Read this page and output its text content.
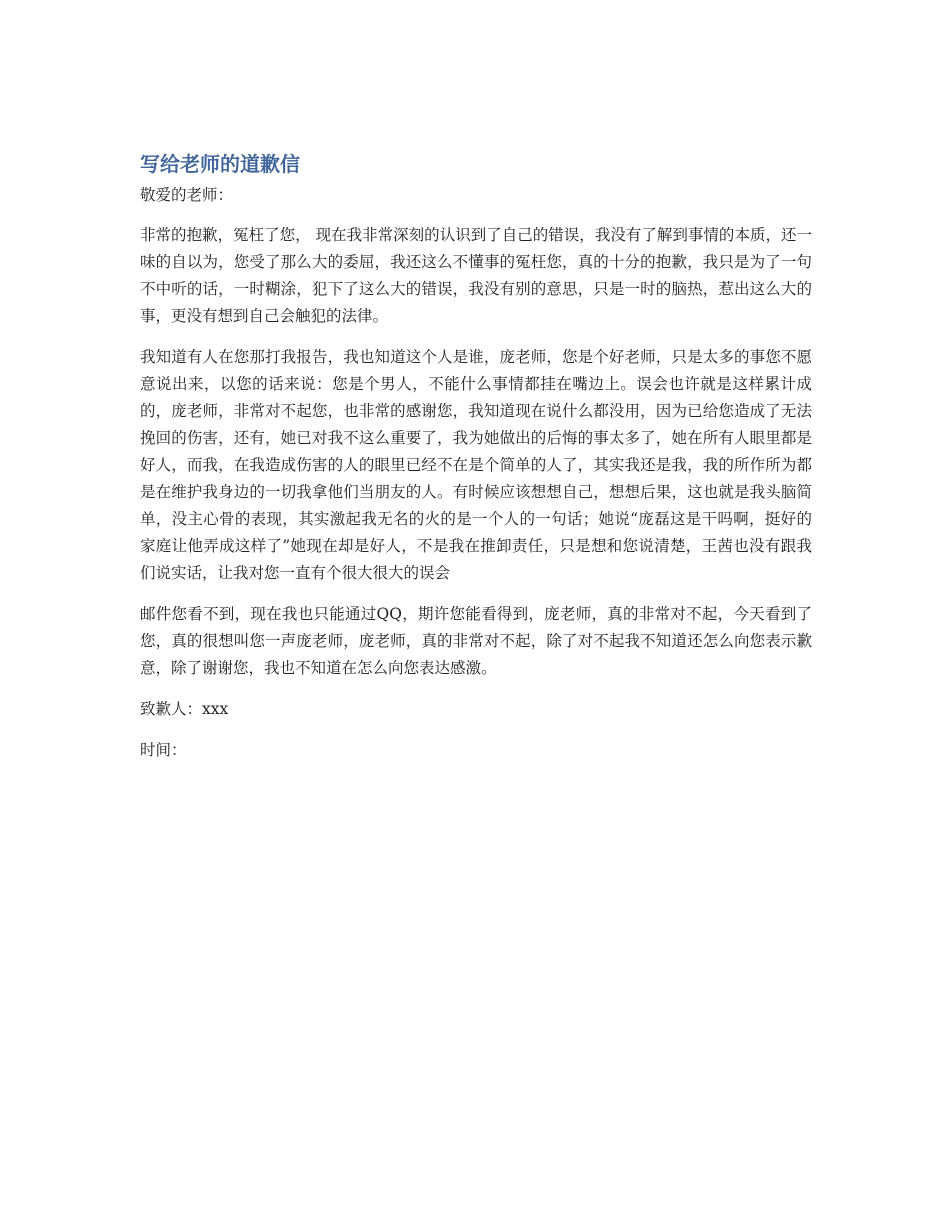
写给老师的道歉信
敬爱的老师：

非常的抱歉，冤枉了您， 现在我非常深刻的认识到了自己的错误，我没有了解到事情的本质，还一味的自以为，您受了那么大的委屈，我还这么不懂事的冤枉您，真的十分的抱歉，我只是为了一句不中听的话，一时糊涂，犯下了这么大的错误，我没有别的意思，只是一时的脑热，惹出这么大的事，更没有想到自己会触犯的法律。

我知道有人在您那打我报告，我也知道这个人是谁，庞老师，您是个好老师，只是太多的事您不愿意说出来，以您的话来说：您是个男人，不能什么事情都挂在嘴边上。误会也许就是这样累计成的，庞老师，非常对不起您，也非常的感谢您，我知道现在说什么都没用，因为已给您造成了无法挽回的伤害，还有，她已对我不这么重要了，我为她做出的后悔的事太多了，她在所有人眼里都是好人，而我，在我造成伤害的人的眼里已经不在是个简单的人了，其实我还是我，我的所作所为都是在维护我身边的一切我拿他们当朋友的人。有时候应该想想自己，想想后果，这也就是我头脑简单，没主心骨的表现，其实激起我无名的火的是一个人的一句话；她说“庞磊这是干吗啊，挺好的家庭让他弄成这样了”她现在却是好人，不是我在推卸责任，只是想和您说清楚，王茜也没有跟我们说实话，让我对您一直有个很大很大的误会

邮件您看不到，现在我也只能通过QQ，期许您能看得到，庞老师，真的非常对不起，今天看到了您，真的很想叫您一声庞老师，庞老师，真的非常对不起，除了对不起我不知道还怎么向您表示歉意，除了谢谢您，我也不知道在怎么向您表达感激。

致歉人：xxx

时间：
